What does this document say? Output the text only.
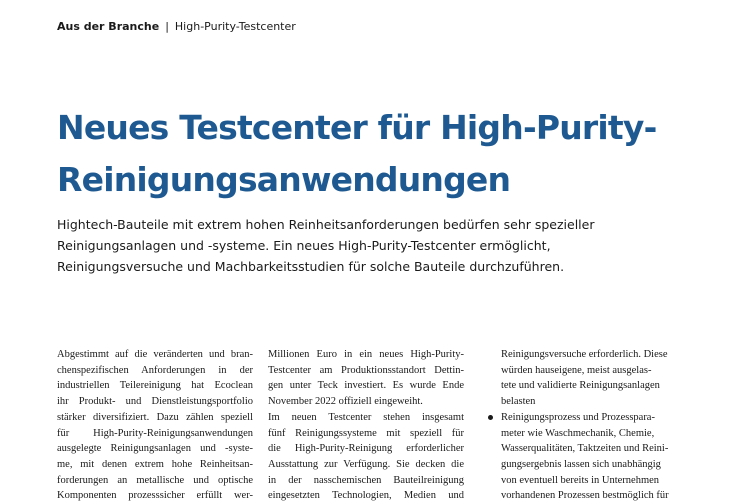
Aus der Branche | High-Purity-Testcenter
Neues Testcenter für High-Purity-
Reinigungsanwendungen

Hightech-Bauteile mit extrem hohen Reinheitsanforderungen bedürfen sehr spezieller
Reinigungsanlagen und -systeme. Ein neues High-Purity-Testcenter ermöglicht,
Reinigungsversuche und Machbarkeitsstudien für solche Bauteile durchzuführen.

Abgestimmt auf die veränderten und bran-
chenspezifischen Anforderungen in der
industriellen Teilereinigung hat Ecoclean
ihr Produkt- und Dienstleistungsportfolio
stärker diversifiziert. Dazu zählen speziell
für High-Purity-Reinigungsanwendungen
ausgelegte Reinigungsanlagen und -syste-
me, mit denen extrem hohe Reinheitsan-
forderungen an metallische und optische
Komponenten prozesssicher erfüllt wer-
Millionen Euro in ein neues High-Purity-
Testcenter am Produktionsstandort Dettin-
gen unter Teck investiert. Es wurde Ende
November 2022 offiziell eingeweiht.
Im neuen Testcenter stehen insgesamt
fünf Reinigungssysteme mit speziell für
die High-Purity-Reinigung erforderlicher
Ausstattung zur Verfügung. Sie decken die
in der nasschemischen Bauteilreinigung
eingesetzten Technologien, Medien und
Reinigungsversuche erforderlich. Diese
würden hauseigene, meist ausgelas-
tete und validierte Reinigungsanlagen
belasten
Reinigungsprozess und Prozesspara-
meter wie Waschmechanik, Chemie,
Wasserqualitäten, Taktzeiten und Reini-
gungsergebnis lassen sich unabhängig
von eventuell bereits in Unternehmen
vorhandenen Prozessen bestmöglich für
